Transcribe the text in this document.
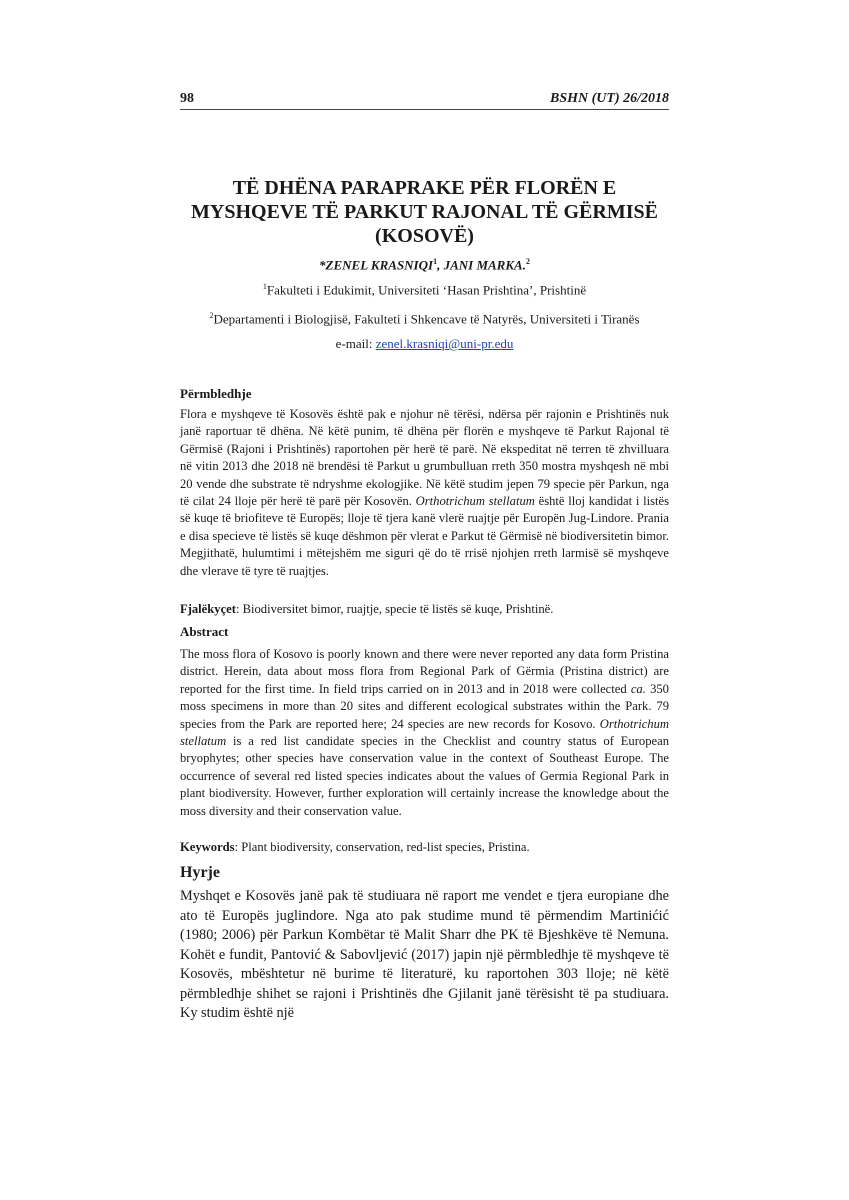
98	BSHN (UT) 26/2018
TË DHËNA PARAPRAKE PËR FLORËN E
MYSHQEVE TË PARKUT RAJONAL TË GËRMISË
(KOSOVË)
*ZENEL KRASNIQI$^1$, JANI MARKA.$^2$
$^1$Fakulteti i Edukimit, Universiteti ‘Hasan Prishtina’, Prishtinë
$^2$Departamenti i Biologjisë, Fakulteti i Shkencave të Natyrës, Universiteti i Tiranës
e-mail: zenel.krasniqi@uni-pr.edu
Përmbledhje

Flora e myshqeve të Kosovës është pak e njohur në tërësi, ndërsa për rajonin e Prishtinës nuk janë raportuar të dhëna. Në këtë punim, të dhëna për florën e myshqeve të Parkut Rajonal të Gërmisë (Rajoni i Prishtinës) raportohen për herë të parë. Në ekspeditat në terren të zhvilluara në vitin 2013 dhe 2018 në brendësi të Parkut u grumbulluan rreth 350 mostra myshqesh në mbi 20 vende dhe substrate të ndryshme ekologjike. Në këtë studim jepen 79 specie për Parkun, nga të cilat 24 lloje për herë të parë për Kosovën. Orthotrichum stellatum është lloj kandidat i listës së kuqe të briofiteve të Europës; lloje të tjera kanë vlerë ruajtje për Europën Jug-Lindore. Prania e disa specieve të listës së kuqe dëshmon për vlerat e Parkut të Gërmisë në biodiversitetin bimor. Megjithatë, hulumtimi i mëtejshëm me siguri që do të rrisë njohjen rreth larmisë së myshqeve dhe vlerave të tyre të ruajtjes.

Fjalëkyçet: Biodiversitet bimor, ruajtje, specie të listës së kuqe, Prishtinë.

Abstract

The moss flora of Kosovo is poorly known and there were never reported any data form Pristina district. Herein, data about moss flora from Regional Park of Gërmia (Pristina district) are reported for the first time. In field trips carried on in 2013 and in 2018 were collected ca. 350 moss specimens in more than 20 sites and different ecological substrates within the Park. 79 species from the Park are reported here; 24 species are new records for Kosovo. Orthotrichum stellatum is a red list candidate species in the Checklist and country status of European bryophytes; other species have conservation value in the context of Southeast Europe. The occurrence of several red listed species indicates about the values of Germia Regional Park in plant biodiversity. However, further exploration will certainly increase the knowledge about the moss diversity and their conservation value.

Keywords: Plant biodiversity, conservation, red-list species, Pristina.

Hyrje

Myshqet e Kosovës janë pak të studiuara në raport me vendet e tjera europiane dhe ato të Europës juglindore. Nga ato pak studime mund të përmendim Martinićić (1980; 2006) për Parkun Kombëtar të Malit Sharr dhe PK të Bjeshkëve të Nemuna. Kohët e fundit, Pantović & Sabovljević (2017) japin një përmbledhje të myshqeve të Kosovës, mbështetur në burime të literaturë, ku raportohen 303 lloje; në këtë përmbledhje shihet se rajoni i Prishtinës dhe Gjilanit janë tërësisht të pa studiuara. Ky studim është një
